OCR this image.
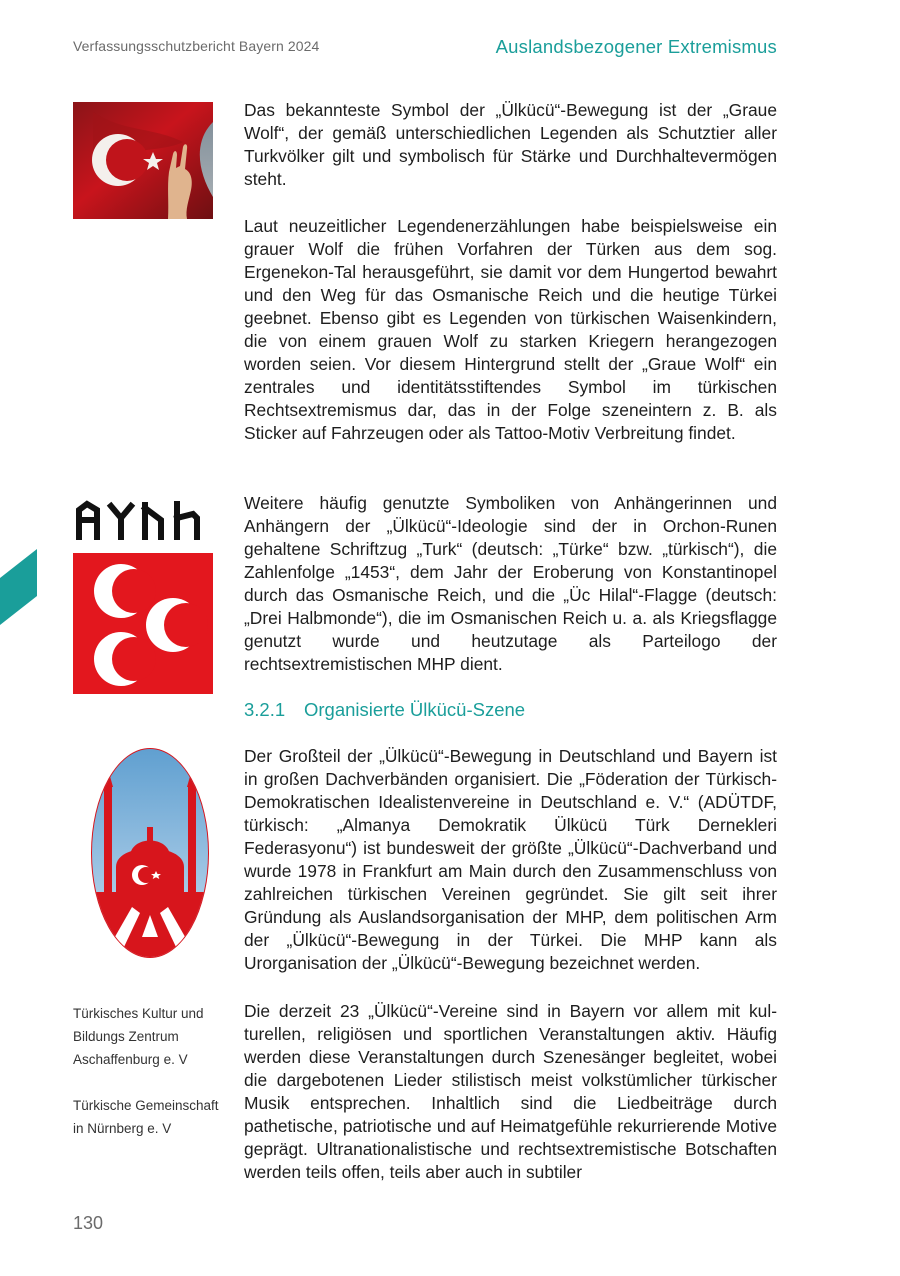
Verfassungsschutzbericht Bayern 2024	Auslandsbezogener Extremismus

Das bekannteste Symbol der „Ülkücü“-Bewegung ist der „Graue Wolf“, der gemäß unterschiedlichen Legenden als Schutztier aller Turkvölker gilt und symbolisch für Stärke und Durchhaltevermögen steht.

Laut neuzeitlicher Legendenerzählungen habe beispielsweise ein grauer Wolf die frühen Vorfahren der Türken aus dem sog. Ergenekon-Tal herausgeführt, sie damit vor dem Hungertod bewahrt und den Weg für das Osmanische Reich und die heutige Türkei geebnet. Ebenso gibt es Legenden von türkischen Waisenkindern, die von einem grauen Wolf zu starken Kriegern herangezogen worden seien. Vor diesem Hintergrund stellt der „Graue Wolf“ ein zentrales und identitätsstiftendes Symbol im türkischen Rechtsextremismus dar, das in der Folge szeneintern z. B. als Sticker auf Fahrzeugen oder als Tattoo-Motiv Verbreitung findet.

Weitere häufig genutzte Symboliken von Anhängerinnen und Anhängern der „Ülkücü“-Ideologie sind der in Orchon-Runen gehaltene Schriftzug „Turk“ (deutsch: „Türke“ bzw. „türkisch“), die Zahlenfolge „1453“, dem Jahr der Eroberung von Konstantinopel durch das Osmanische Reich, und die „Üc Hilal“-Flagge (deutsch: „Drei Halbmonde“), die im Osmanischen Reich u. a. als Kriegsflagge genutzt wurde und heutzutage als Parteilogo der rechtsextremistischen MHP dient.

3.2.1 Organisierte Ülkücü-Szene

Der Großteil der „Ülkücü“-Bewegung in Deutschland und Bayern ist in großen Dachverbänden organisiert. Die „Föderation der Türkisch-Demokratischen Idealistenvereine in Deutschland e. V.“ (ADÜTDF, türkisch: „Almanya Demokratik Ülkücü Türk Dernekleri Federasyonu“) ist bundesweit der größte „Ülkücü“-Dachverband und wurde 1978 in Frankfurt am Main durch den Zusammenschluss von zahlreichen türkischen Vereinen gegründet. Sie gilt seit ihrer Gründung als Auslandsorganisation der MHP, dem politischen Arm der „Ülkücü“-Bewegung in der Türkei. Die MHP kann als Urorganisation der „Ülkücü“-Bewegung bezeichnet werden.

Die derzeit 23 „Ülkücü“-Vereine sind in Bayern vor allem mit kulturellen, religiösen und sportlichen Veranstaltungen aktiv. Häufig werden diese Veranstaltungen durch Szenesänger begleitet, wobei die dargebotenen Lieder stilistisch meist volkstümlicher türkischer Musik entsprechen. Inhaltlich sind die Liedbeiträge durch pathetische, patriotische und auf Heimatgefühle rekurrierende Motive geprägt. Ultranationalistische und rechtsextremistische Botschaften werden teils offen, teils aber auch in subtiler

Türkisches Kultur und Bildungs Zentrum Aschaffenburg e. V

Türkische Gemeinschaft in Nürnberg e. V

130
